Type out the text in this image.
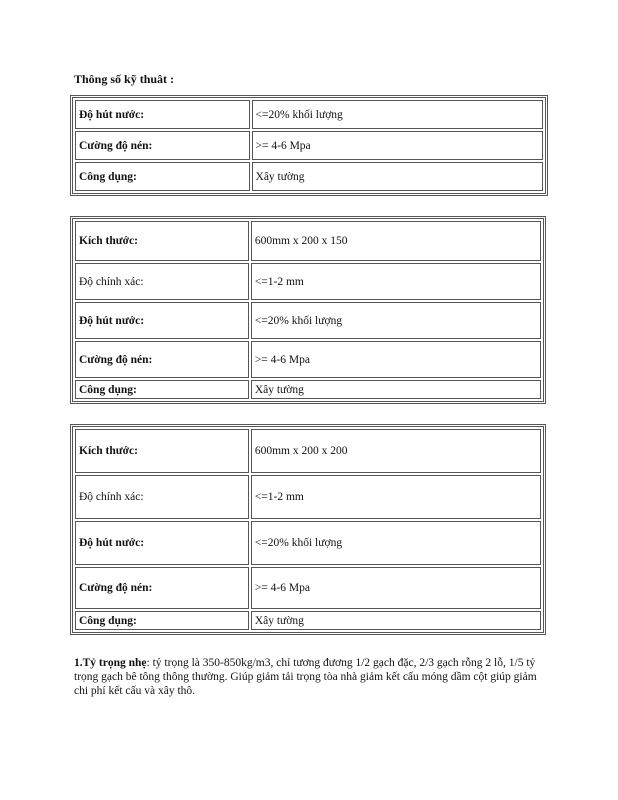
Thông số kỹ thuât :

Độ hút nước:	<=20% khối lượng
Cường độ nén:	>= 4-6 Mpa
Công dụng:	Xây tường
Kích thước:	600mm x 200 x 150
Độ chính xác:	<=1-2 mm
Độ hút nước:	<=20% khối lượng
Cường độ nén:	>= 4-6 Mpa
Công dụng:	Xây tường
Kích thước:	600mm x 200 x 200
Độ chính xác:	<=1-2 mm
Độ hút nước:	<=20% khối lượng
Cường độ nén:	>= 4-6 Mpa
Công dụng:	Xây tường

1.Tỷ trọng nhẹ: tỷ trọng là 350-850kg/m3, chỉ tương đương 1/2 gạch đặc, 2/3 gạch rỗng 2 lỗ, 1/5 tỷ trọng gạch bê tông thông thường. Giúp giảm tải trọng tòa nhà giảm kết cấu móng dầm cột giúp giảm chi phí kết cấu và xây thô.
